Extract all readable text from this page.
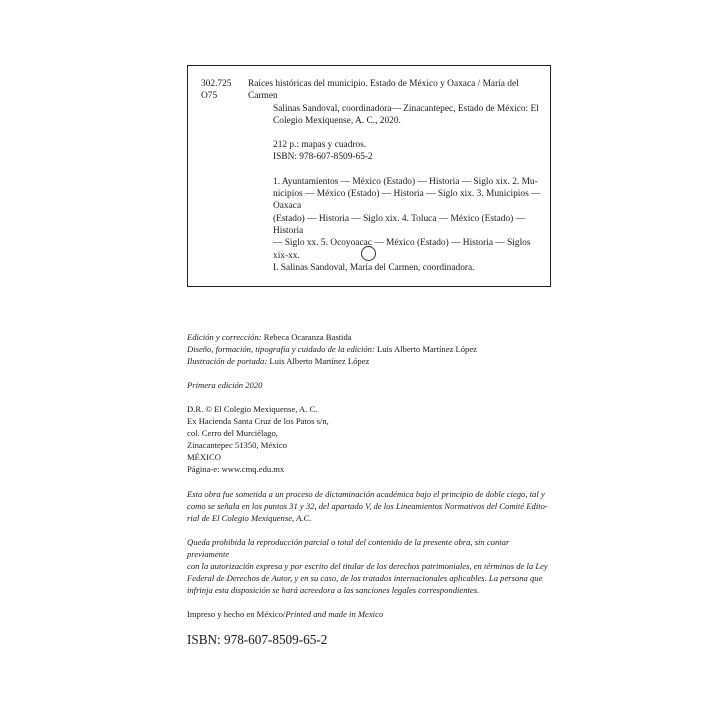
302.725
O75

Raíces históricas del municipio. Estado de México y Oaxaca / María del Carmen

Salinas Sandoval, coordinadora— Zinacantepec, Estado de México: El

Colegio Mexiquense, A. C., 2020.

212 p.: mapas y cuadros.

ISBN: 978-607-8509-65-2

1. Ayuntamientos — México (Estado) — Historia — Siglo xix. 2. Mu-

nicipios — México (Estado) — Historia — Siglo xix. 3. Municipios — Oaxaca

(Estado) — Historia — Siglo xix. 4. Toluca — México (Estado) — Historia

— Siglo xx. 5. Ocoyoacac — México (Estado) — Historia — Siglos xix-xx.

I. Salinas Sandoval, María del Carmen, coordinadora.

Edición y corrección: Rebeca Ocaranza Bastida

Diseño, formación, tipografía y cuidado de la edición: Luis Alberto Martínez López

Ilustración de portada: Luis Alberto Martínez López

Primera edición 2020

D.R. © El Colegio Mexiquense, A. C.

Ex Hacienda Santa Cruz de los Patos s/n,

col. Cerro del Murciélago,

Zinacantepec 51350, México

MÉXICO

Página-e: www.cmq.edu.mx

Esta obra fue sometida a un proceso de dictaminación académica bajo el principio de doble ciego, tal y

como se señala en los puntos 31 y 32, del apartado V, de los Lineamientos Normativos del Comité Edito-

rial de El Colegio Mexiquense, A.C.

Queda prohibida la reproducción parcial o total del contenido de la presente obra, sin contar previamente

con la autorización expresa y por escrito del titular de los derechos patrimoniales, en términos de la Ley

Federal de Derechos de Autor, y en su caso, de los tratados internacionales aplicables. La persona que

infrinja esta disposición se hará acreedora a las sanciones legales correspondientes.

Impreso y hecho en México/Printed and made in Mexico

ISBN: 978-607-8509-65-2
